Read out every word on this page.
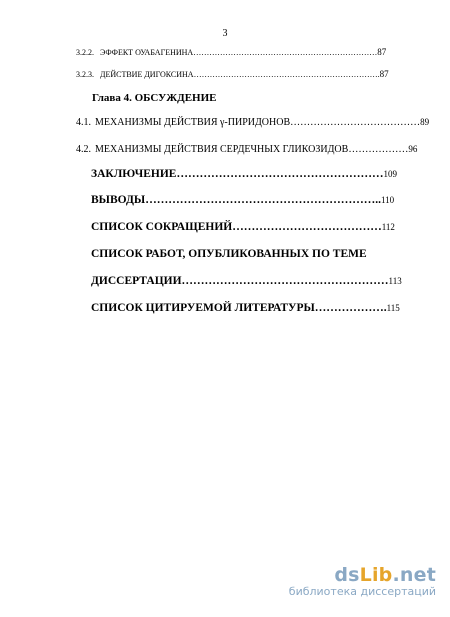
3
3.2.2. ЭФФЕКТ ОУАБАГЕНИНА……………………………………………………………87
3.2.3. ДЕЙСТВИЕ ДИГОКСИНА…………………………………………………………….87
Глава 4. ОБСУЖДЕНИЕ
4.1. МЕХАНИЗМЫ ДЕЙСТВИЯ γ-ПИРИДОНОВ…………………………………89
4.2. МЕХАНИЗМЫ ДЕЙСТВИЯ СЕРДЕЧНЫХ ГЛИКОЗИДОВ………………96
ЗАКЛЮЧЕНИЕ………………………………………………109
ВЫВОДЫ……………………………………………………..110
СПИСОК СОКРАЩЕНИЙ…………………………………112
СПИСОК РАБОТ, ОПУБЛИКОВАННЫХ ПО ТЕМЕ
ДИССЕРТАЦИИ………………………………………………113
СПИСОК ЦИТИРУЕМОЙ ЛИТЕРАТУРЫ……………….115
dsLib.net
библиотека диссертаций
